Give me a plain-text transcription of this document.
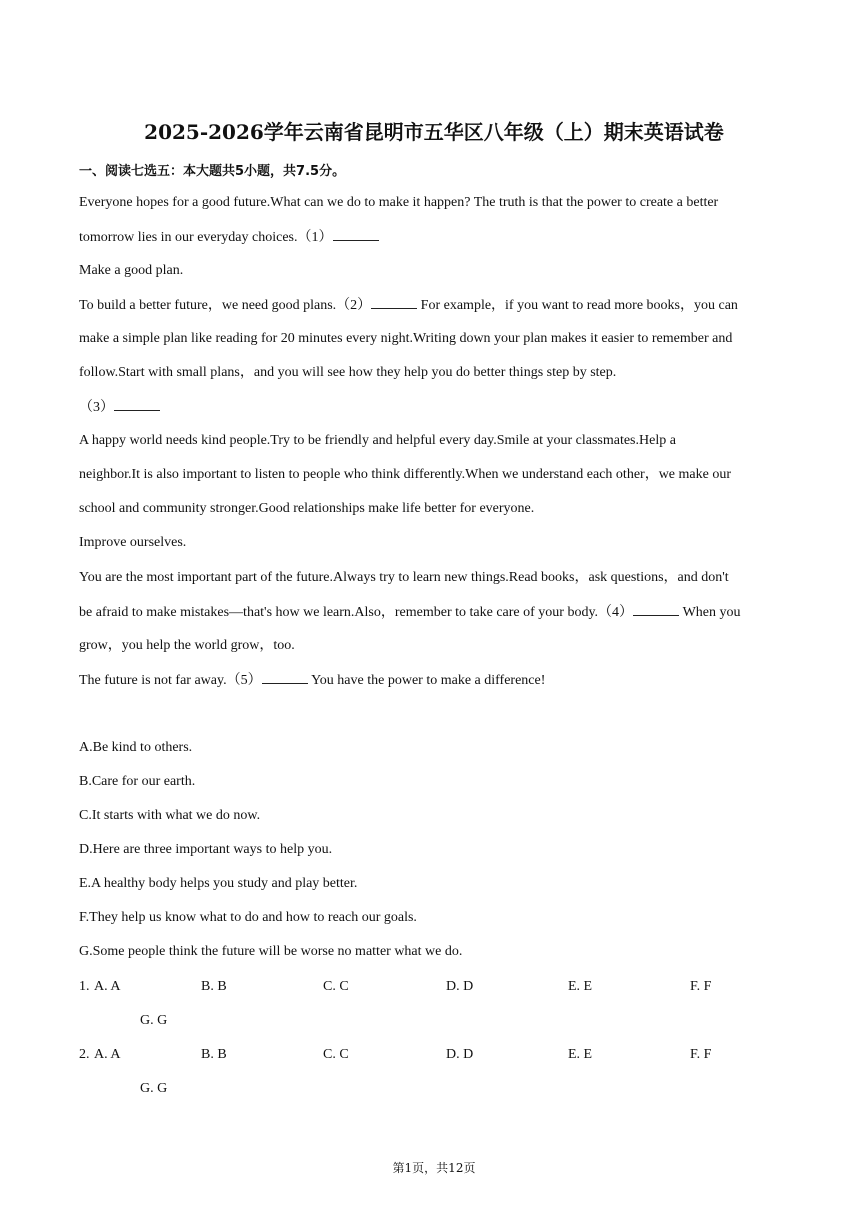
2025-2026学年云南省昆明市五华区八年级（上）期末英语试卷
一、阅读七选五：本大题共5小题，共7.5分。
Everyone hopes for a good future.What can we do to make it happen? The truth is that the power to create a better
tomorrow lies in our everyday choices.（1）
Make a good plan.
To build a better future，we need good plans.（2）	For example，if you want to read more books，you can
make a simple plan like reading for 20 minutes every night.Writing down your plan makes it easier to remember and
follow.Start with small plans，and you will see how they help you do better things step by step.
（3）
A happy world needs kind people.Try to be friendly and helpful every day.Smile at your classmates.Help a
neighbor.It is also important to listen to people who think differently.When we understand each other，we make our
school and community stronger.Good relationships make life better for everyone.
Improve ourselves.
You are the most important part of the future.Always try to learn new things.Read books，ask questions，and don't
be afraid to make mistakes—that's how we learn.Also，remember to take care of your body.（4）	When you
grow，you help the world grow，too.
The future is not far away.（5）	You have the power to make a difference!
A.Be kind to others.
B.Care for our earth.
C.It starts with what we do now.
D.Here are three important ways to help you.
E.A healthy body helps you study and play better.
F.They help us know what to do and how to reach our goals.
G.Some people think the future will be worse no matter what we do.
1. A. A	B. B	C. C	D. D	E. E	F. F
G. G
2. A. A	B. B	C. C	D. D	E. E	F. F
G. G
第1页，共12页
